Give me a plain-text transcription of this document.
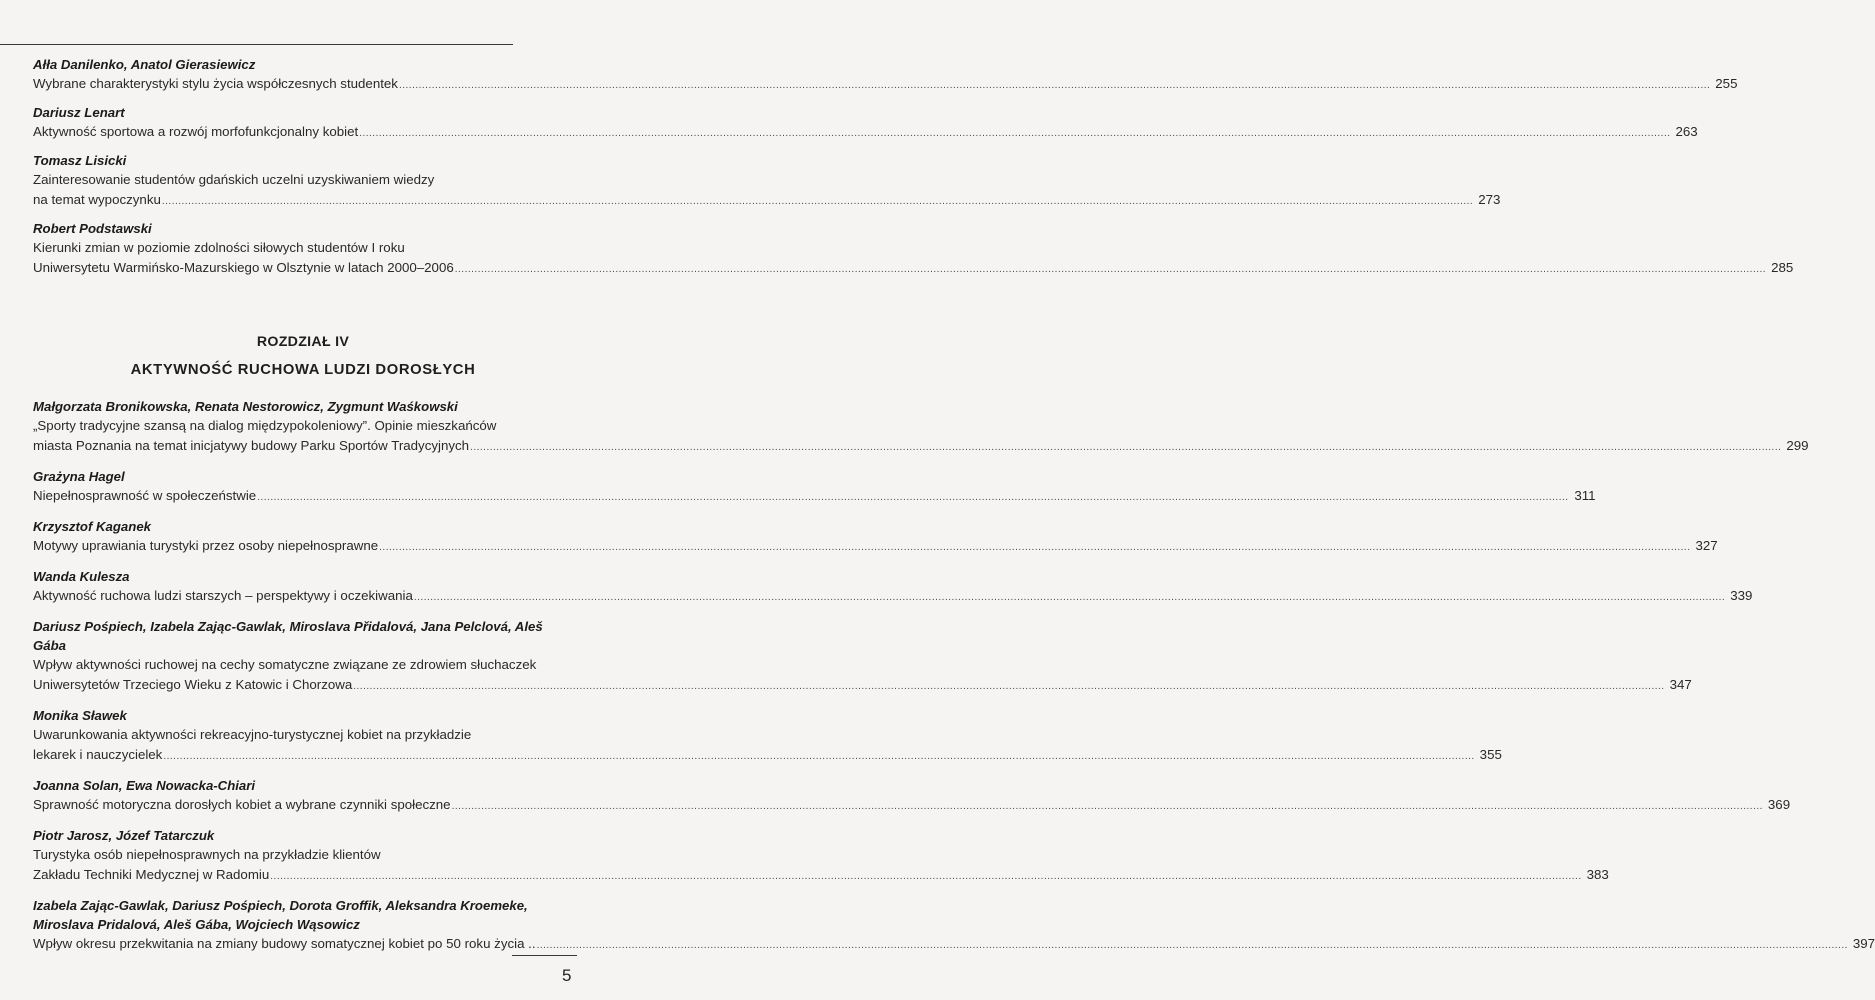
Ałła Danilenko, Anatol Gierasiewicz
Wybrane charakterystyki stylu życia współczesnych studentek ................................................................................................................................................................................................................................................................................................................................................................................................................ 255
Dariusz Lenart
Aktywność sportowa a rozwój morfofunkcjonalny kobiet ................................................................................................................................................................................................................................................................................................................................................................................................................ 263
Tomasz Lisicki
Zainteresowanie studentów gdańskich uczelni uzyskiwaniem wiedzy
na temat wypoczynku ................................................................................................................................................................................................................................................................................................................................................................................................................ 273
Robert Podstawski
Kierunki zmian w poziomie zdolności siłowych studentów I roku
Uniwersytetu Warmińsko-Mazurskiego w Olsztynie w latach 2000–2006 ................................................................................................................................................................................................................................................................................................................................................................................................................ 285
ROZDZIAŁ IV
AKTYWNOŚĆ RUCHOWA LUDZI DOROSŁYCH
Małgorzata Bronikowska, Renata Nestorowicz, Zygmunt Waśkowski
„Sporty tradycyjne szansą na dialog międzypokoleniowy”. Opinie mieszkańców
miasta Poznania na temat inicjatywy budowy Parku Sportów Tradycyjnych ................................................................................................................................................................................................................................................................................................................................................................................................................ 299
Grażyna Hagel
Niepełnosprawność w społeczeństwie ................................................................................................................................................................................................................................................................................................................................................................................................................ 311
Krzysztof Kaganek
Motywy uprawiania turystyki przez osoby niepełnosprawne ................................................................................................................................................................................................................................................................................................................................................................................................................ 327
Wanda Kulesza
Aktywność ruchowa ludzi starszych – perspektywy i oczekiwania ................................................................................................................................................................................................................................................................................................................................................................................................................ 339
Dariusz Pośpiech, Izabela Zając-Gawlak, Miroslava Přidalová, Jana Pelclová, Aleš Gába
Wpływ aktywności ruchowej na cechy somatyczne związane ze zdrowiem słuchaczek
Uniwersytetów Trzeciego Wieku z Katowic i Chorzowa ................................................................................................................................................................................................................................................................................................................................................................................................................ 347
Monika Sławek
Uwarunkowania aktywności rekreacyjno-turystycznej kobiet na przykładzie
lekarek i nauczycielek ................................................................................................................................................................................................................................................................................................................................................................................................................ 355
Joanna Solan, Ewa Nowacka-Chiari
Sprawność motoryczna dorosłych kobiet a wybrane czynniki społeczne ................................................................................................................................................................................................................................................................................................................................................................................................................ 369
Piotr Jarosz, Józef Tatarczuk
Turystyka osób niepełnosprawnych na przykładzie klientów
Zakładu Techniki Medycznej w Radomiu ................................................................................................................................................................................................................................................................................................................................................................................................................ 383
Izabela Zając-Gawlak, Dariusz Pośpiech, Dorota Groffik, Aleksandra Kroemeke,
Miroslava Pridalová, Aleš Gába, Wojciech Wąsowicz
Wpływ okresu przekwitania na zmiany budowy somatycznej kobiet po 50 roku życia .. ................................................................................................................................................................................................................................................................................................................................................................................................................ 397
5
